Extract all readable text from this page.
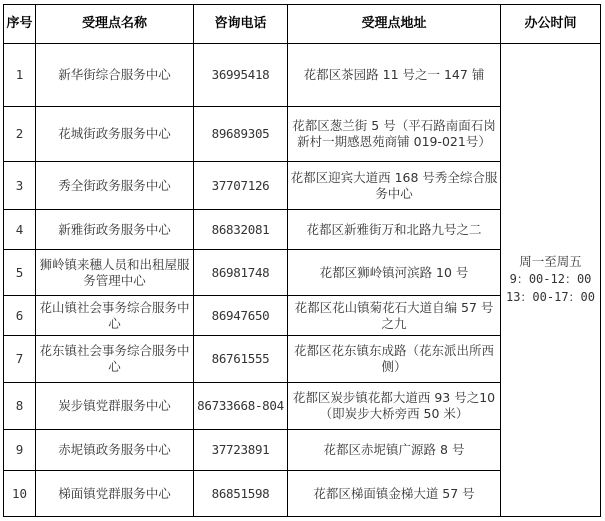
序号	受理点名称	咨询电话	受理点地址	办公时间
1	新华街综合服务中心	36995418	花都区茶园路 11 号之一 147 铺	周一至周五
9：00-12：00
13：00-17：00

2	花城街政务服务中心	89689305	花都区葱兰街 5 号（平石路南面石岗新村一期感恩苑商铺 019-021号）	
3	秀全街政务服务中心	37707126	花都区迎宾大道西 168 号秀全综合服务中心	
4	新雅街政务服务中心	86832081	花都区新雅街万和北路九号之二	
5	狮岭镇来穗人员和出租屋服务管理中心	86981748	花都区狮岭镇河滨路 10 号	
6	花山镇社会事务综合服务中心	86947650	花都区花山镇菊花石大道自编 57 号之九	
7	花东镇社会事务综合服务中心	86761555	花都区花东镇东成路（花东派出所西侧）	
8	炭步镇党群服务中心	86733668-804	花都区炭步镇花都大道西 93 号之10（即炭步大桥旁西 50 米）	
9	赤坭镇政务服务中心	37723891	花都区赤坭镇广源路 8 号	
10	梯面镇党群服务中心	86851598	花都区梯面镇金梯大道 57 号	
